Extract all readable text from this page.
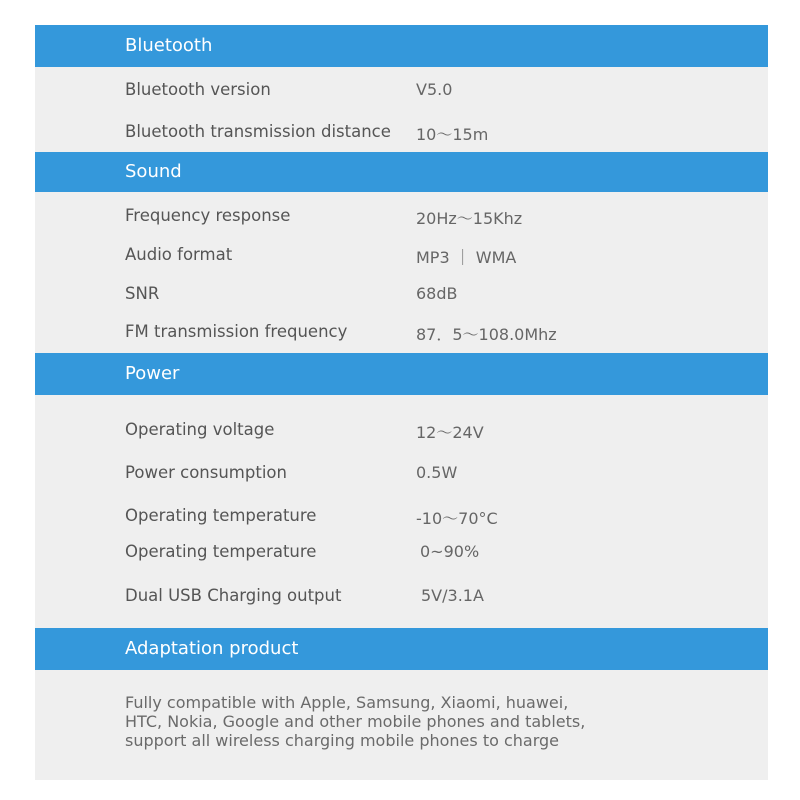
Bluetooth
Bluetooth version	V5.0
Bluetooth transmission distance 10～15m
Sound
Frequency response	20Hz～15Khz
Audio format	MP3 ｜ WMA
SNR	68dB
FM transmission frequency	87．5～108.0Mhz
Power
Operating voltage	12～24V
Power consumption	0.5W
Operating temperature	-10～70°C
Operating temperature	0~90%
Dual USB Charging output	5V/3.1A
Adaptation product
Fully compatible with Apple, Samsung, Xiaomi, huawei,
HTC, Nokia, Google and other mobile phones and tablets,
support all wireless charging mobile phones to charge
